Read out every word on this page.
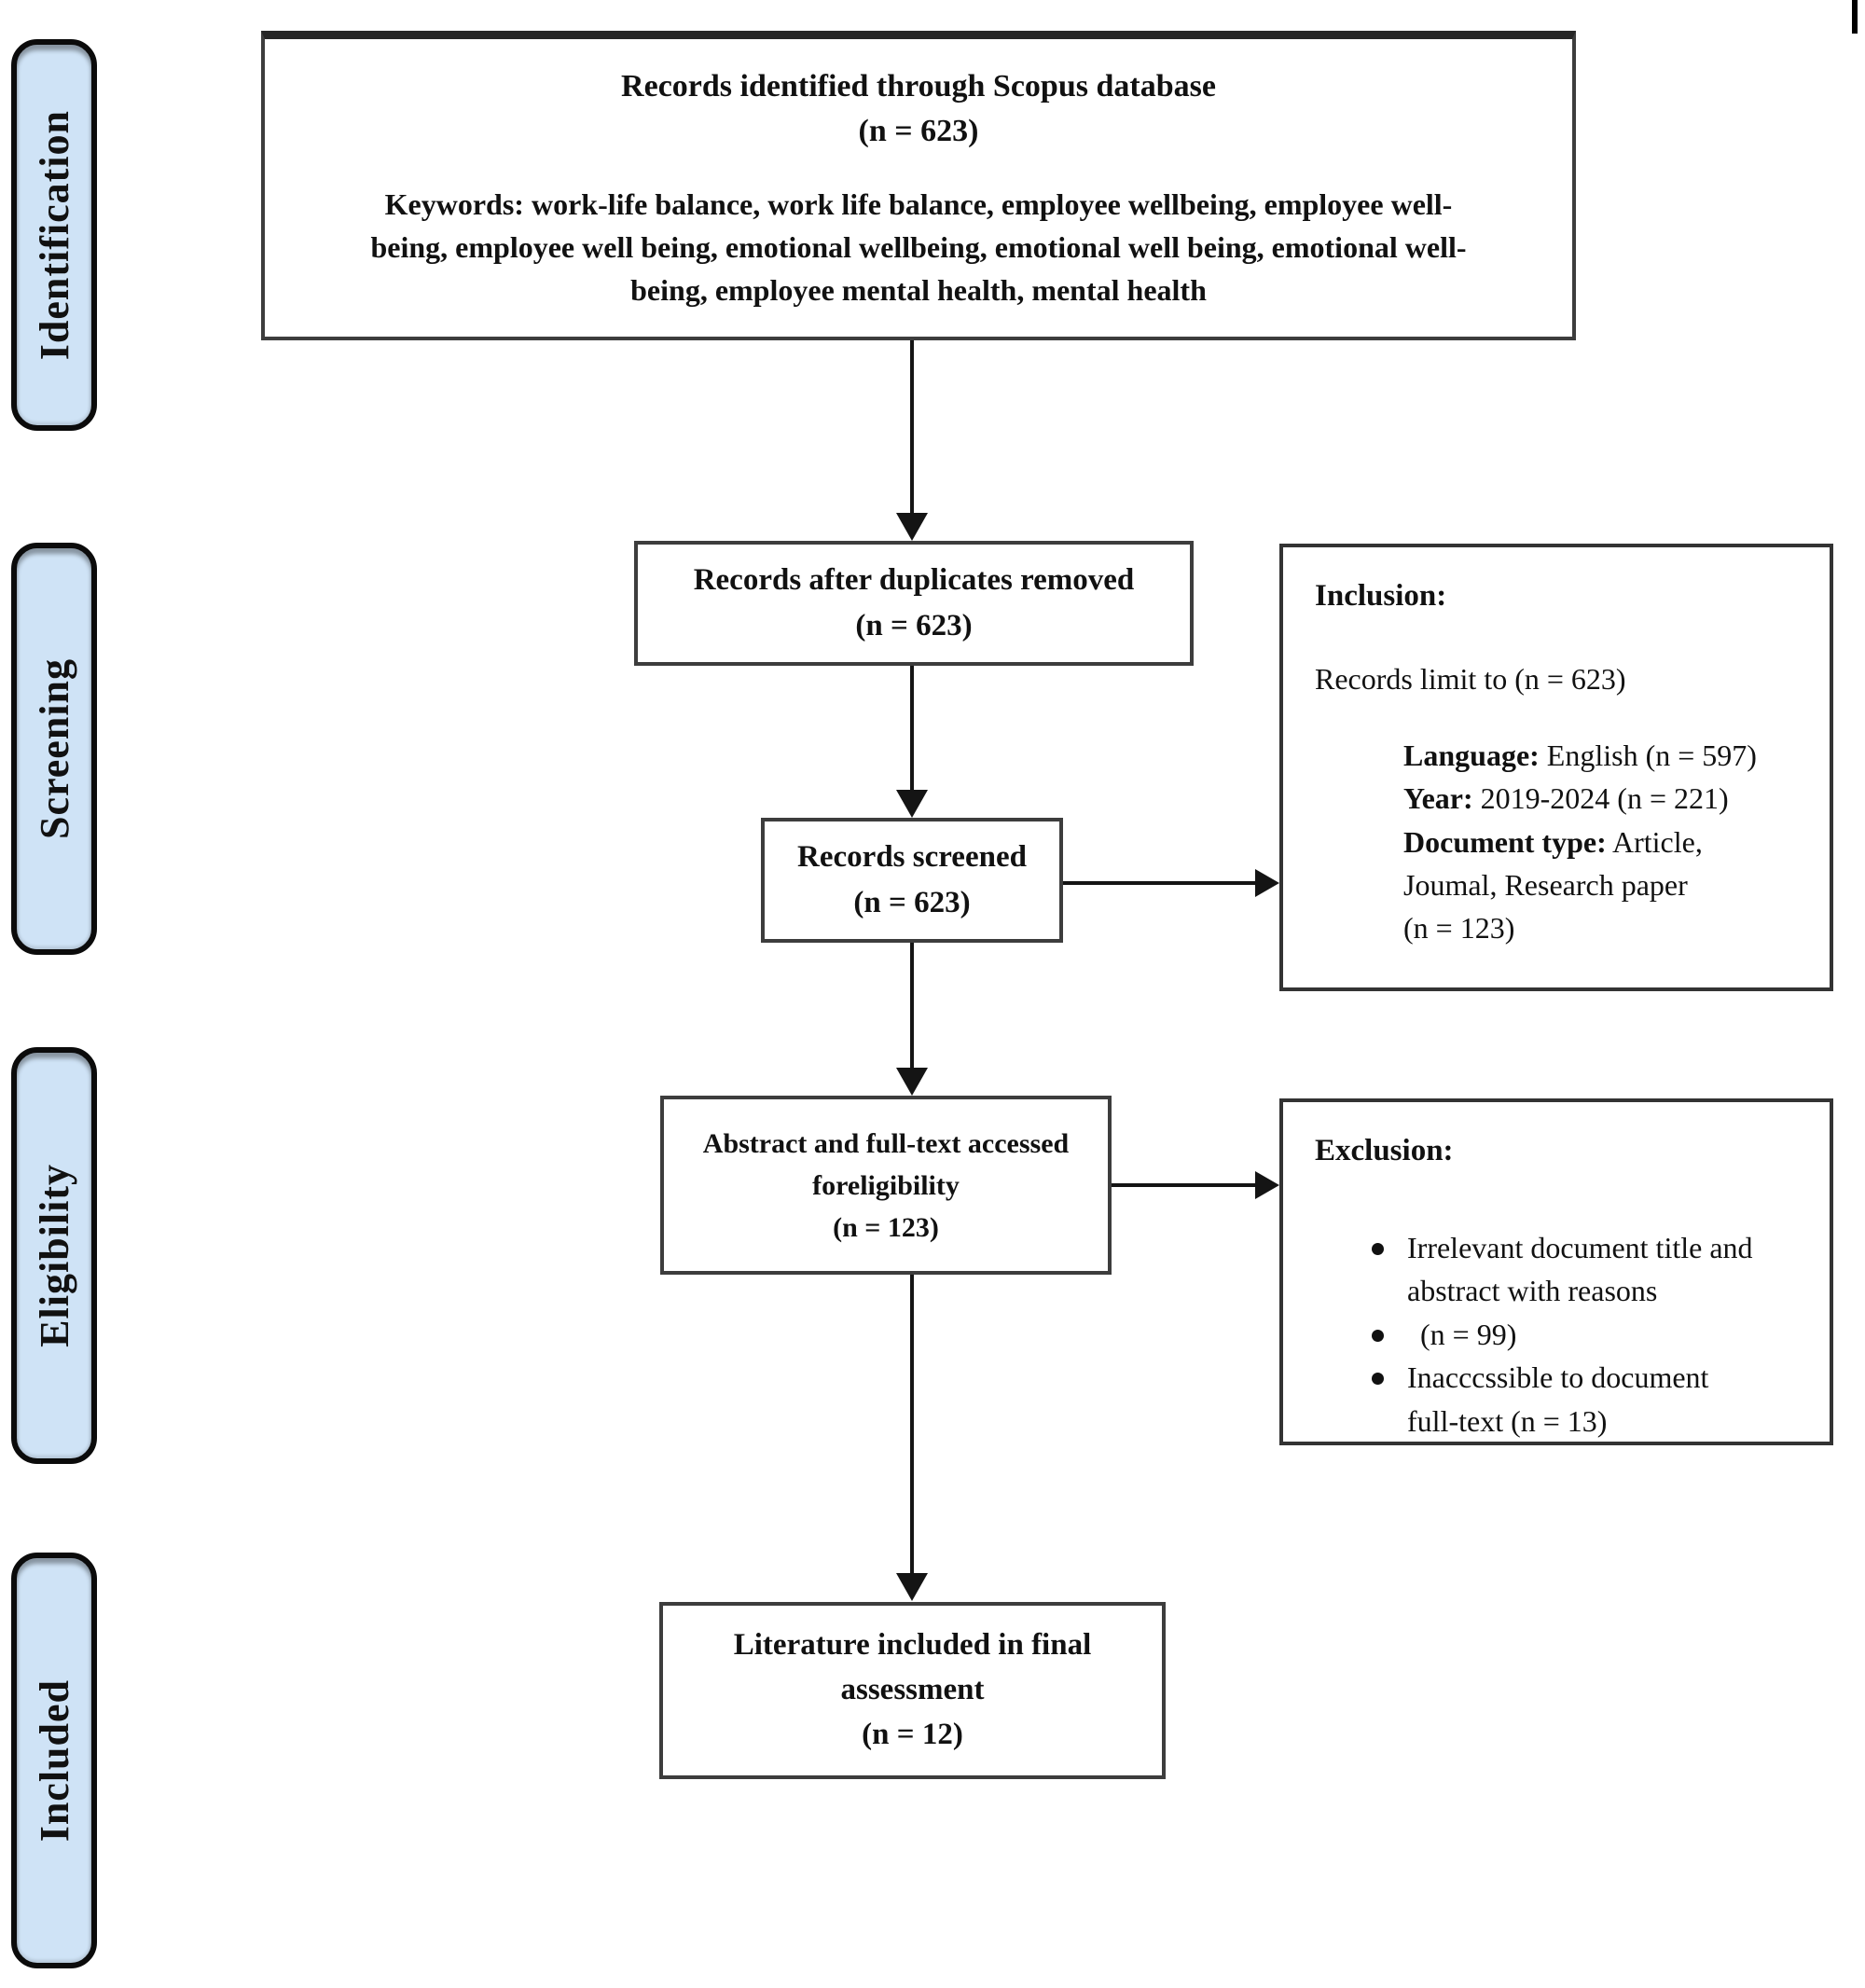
Identification
Screening
Eligibility
Included
Records identified through Scopus database
(n = 623)
Keywords: work-life balance, work life balance, employee wellbeing, employee well-
being, employee well being, emotional wellbeing, emotional well being, emotional well-
being, employee mental health, mental health
Records after duplicates removed
(n = 623)
Records screened
(n = 623)
Abstract and full-text accessed
foreligibility
(n = 123)
Literature included in final
assessment
(n = 12)
Inclusion:
Records limit to (n = 623)
Language: English (n = 597)
Year: 2019-2024 (n = 221)
Document type: Article,
Joumal, Research paper
(n = 123)
Exclusion:
Irrelevant document title and
abstract with reasons
(n = 99)
Inacccssible to document
full-text (n = 13)
